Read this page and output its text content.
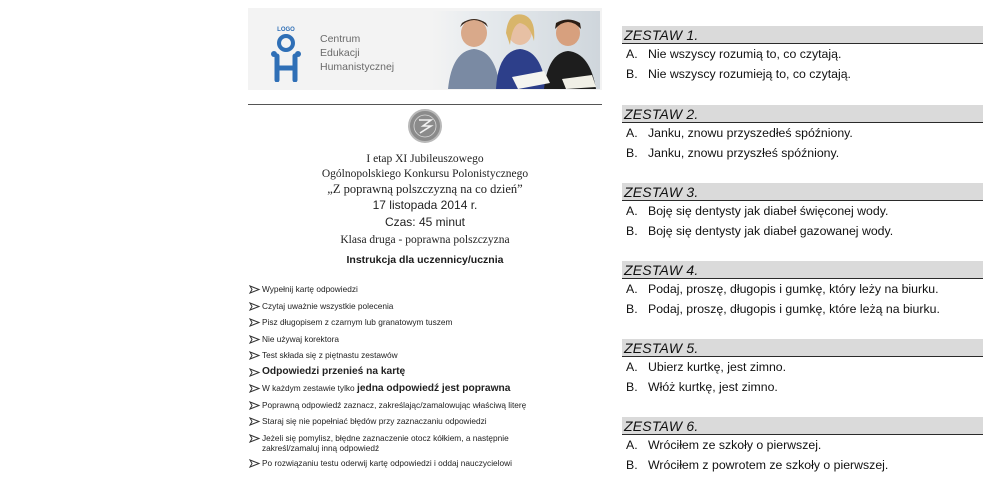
LOGO
Centrum
Edukacji
Humanistycznej
I etap XI Jubileuszowego
Ogólnopolskiego Konkursu Polonistycznego
„Z poprawną polszczyzną na co dzień”
17 listopada 2014 r.
Czas: 45 minut
Klasa druga - poprawna polszczyzna
Instrukcja dla uczennicy/ucznia
Wypełnij kartę odpowiedzi
Czytaj uważnie wszystkie polecenia
Pisz długopisem z czarnym lub granatowym tuszem
Nie używaj korektora
Test składa się z piętnastu zestawów
Odpowiedzi przenieś na kartę
W każdym zestawie tylko jedna odpowiedź jest poprawna
Poprawną odpowiedź zaznacz, zakreślając/zamalowując właściwą literę
Staraj się nie popełniać błędów przy zaznaczaniu odpowiedzi
Jeżeli się pomylisz, błędne zaznaczenie otocz kółkiem, a następnie
zakreśl/zamaluj inną odpowiedź
Po rozwiązaniu testu oderwij kartę odpowiedzi i oddaj nauczycielowi
ZESTAW 1.
A. Nie wszyscy rozumią to, co czytają.
B. Nie wszyscy rozumieją to, co czytają.
ZESTAW 2.
A. Janku, znowu przyszedłeś spóźniony.
B. Janku, znowu przyszłeś spóźniony.
ZESTAW 3.
A. Boję się dentysty jak diabeł święconej wody.
B. Boję się dentysty jak diabeł gazowanej wody.
ZESTAW 4.
A. Podaj, proszę, długopis i gumkę, który leży na biurku.
B. Podaj, proszę, długopis i gumkę, które leżą na biurku.
ZESTAW 5.
A. Ubierz kurtkę, jest zimno.
B. Włóż kurtkę, jest zimno.
ZESTAW 6.
A. Wróciłem ze szkoły o pierwszej.
B. Wróciłem z powrotem ze szkoły o pierwszej.
